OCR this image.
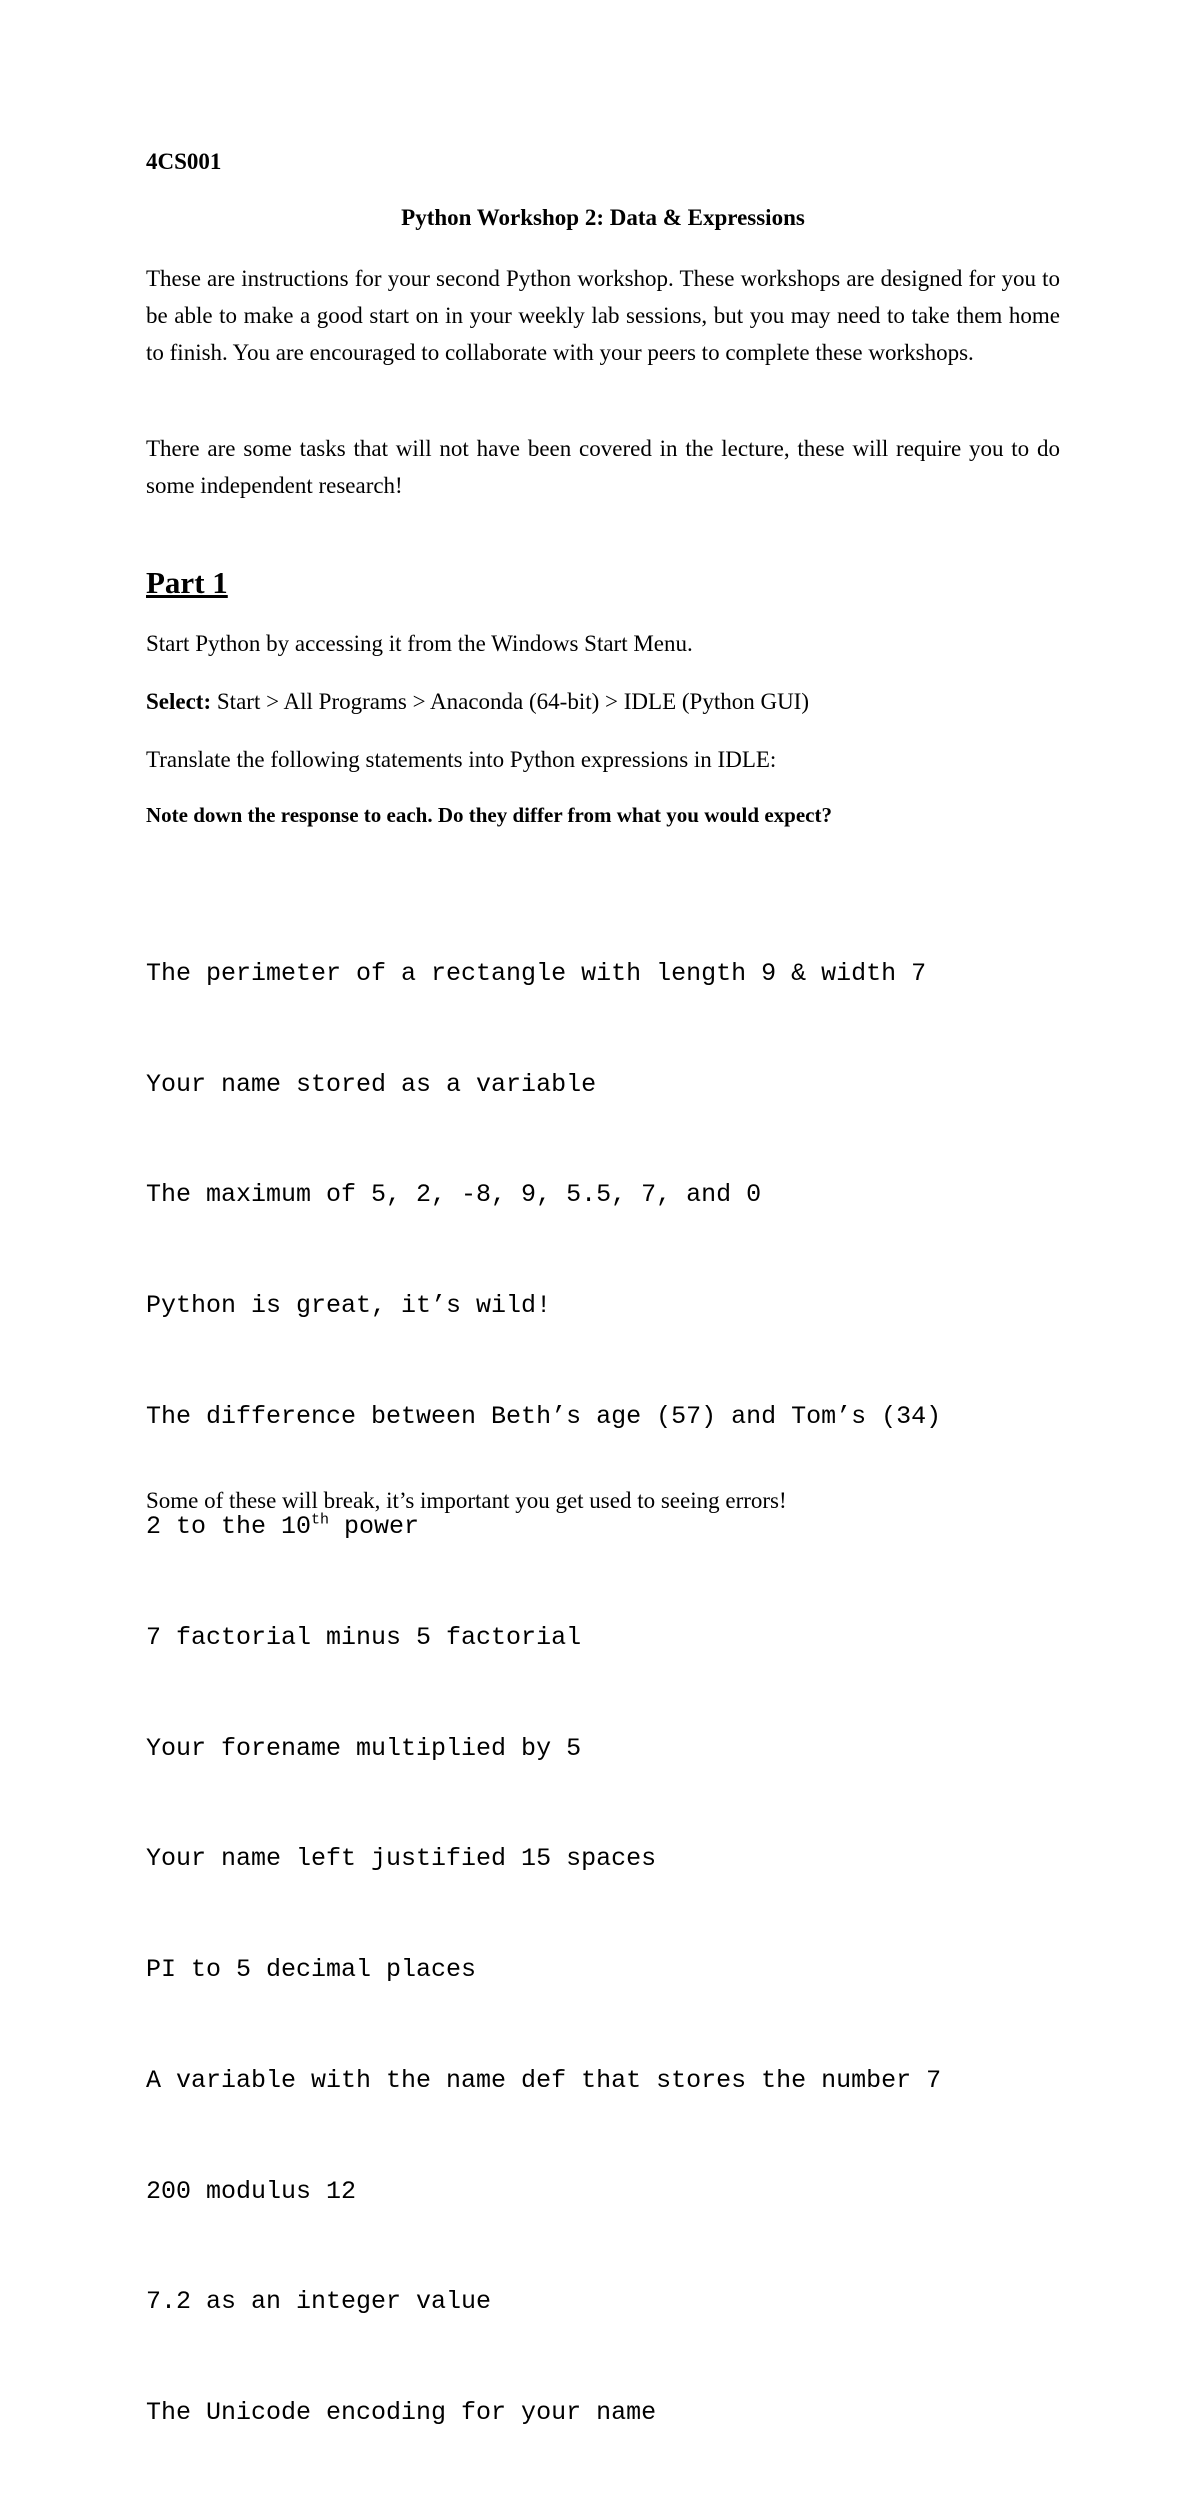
4CS001
Python Workshop 2: Data & Expressions

These are instructions for your second Python workshop. These workshops are designed for you to be able to make a good start on in your weekly lab sessions, but you may need to take them home to finish. You are encouraged to collaborate with your peers to complete these workshops.

There are some tasks that will not have been covered in the lecture, these will require you to do some independent research!

Part 1
Start Python by accessing it from the Windows Start Menu.
Select: Start > All Programs > Anaconda (64-bit) > IDLE (Python GUI)
Translate the following statements into Python expressions in IDLE:
Note down the response to each. Do they differ from what you would expect?

The perimeter of a rectangle with length 9 & width 7

Your name stored as a variable

The maximum of 5, 2, -8, 9, 5.5, 7, and 0

Python is great, it’s wild!

The difference between Beth’s age (57) and Tom’s (34)

2 to the 10th power

7 factorial minus 5 factorial

Your forename multiplied by 5

Your name left justified 15 spaces

PI to 5 decimal places

A variable with the name def that stores the number 7

200 modulus 12

7.2 as an integer value

The Unicode encoding for your name

Some of these will break, it’s important you get used to seeing errors!
